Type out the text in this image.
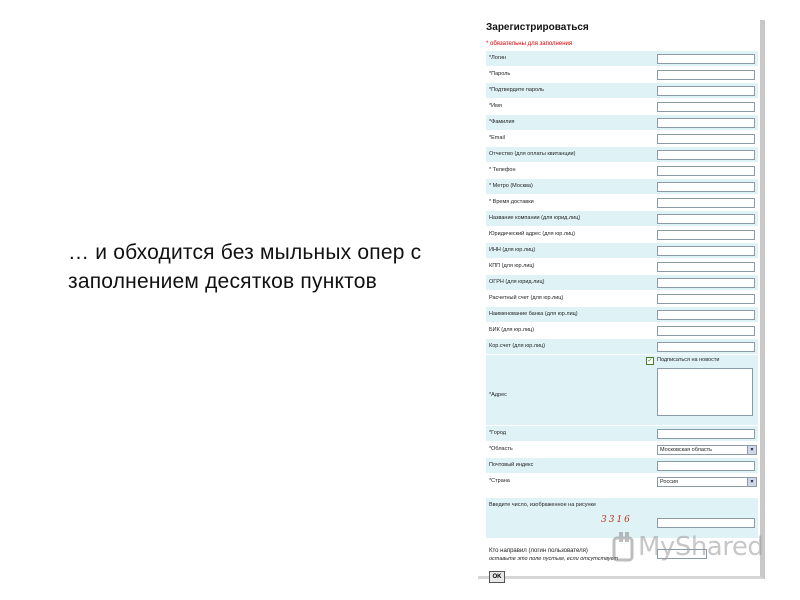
… и обходится без мыльных опер с заполнением десятков пунктов
Зарегистрироваться
* обязательны для заполнения
*Логин
*Пароль
*Подтвердите пароль
*Имя
*Фамилия
*Email
Отчество (для оплаты квитанции)
* Телефон
* Метро (Москва)
* Время доставки
Название компании (для юрид.лиц)
Юридический адрес (для юр.лиц)
ИНН (для юр.лиц)
КПП (для юр.лиц)
ОГРН (для юрид.лиц)
Расчетный счет (для юр.лиц)
Наименование банка (для юр.лиц)
БИК (для юр.лиц)
Кор.счет (для юр.лиц)
✓ Подписаться на новости
*Адрес
*Город
*Область	Московская область	▼
Почтовый индекс
*Страна	Россия	▼
Введите число, изображенное на рисунке
3316
Кто направил (логин пользователя)
оставьте это поле пустым, если отсутствует
OK
MyShared
